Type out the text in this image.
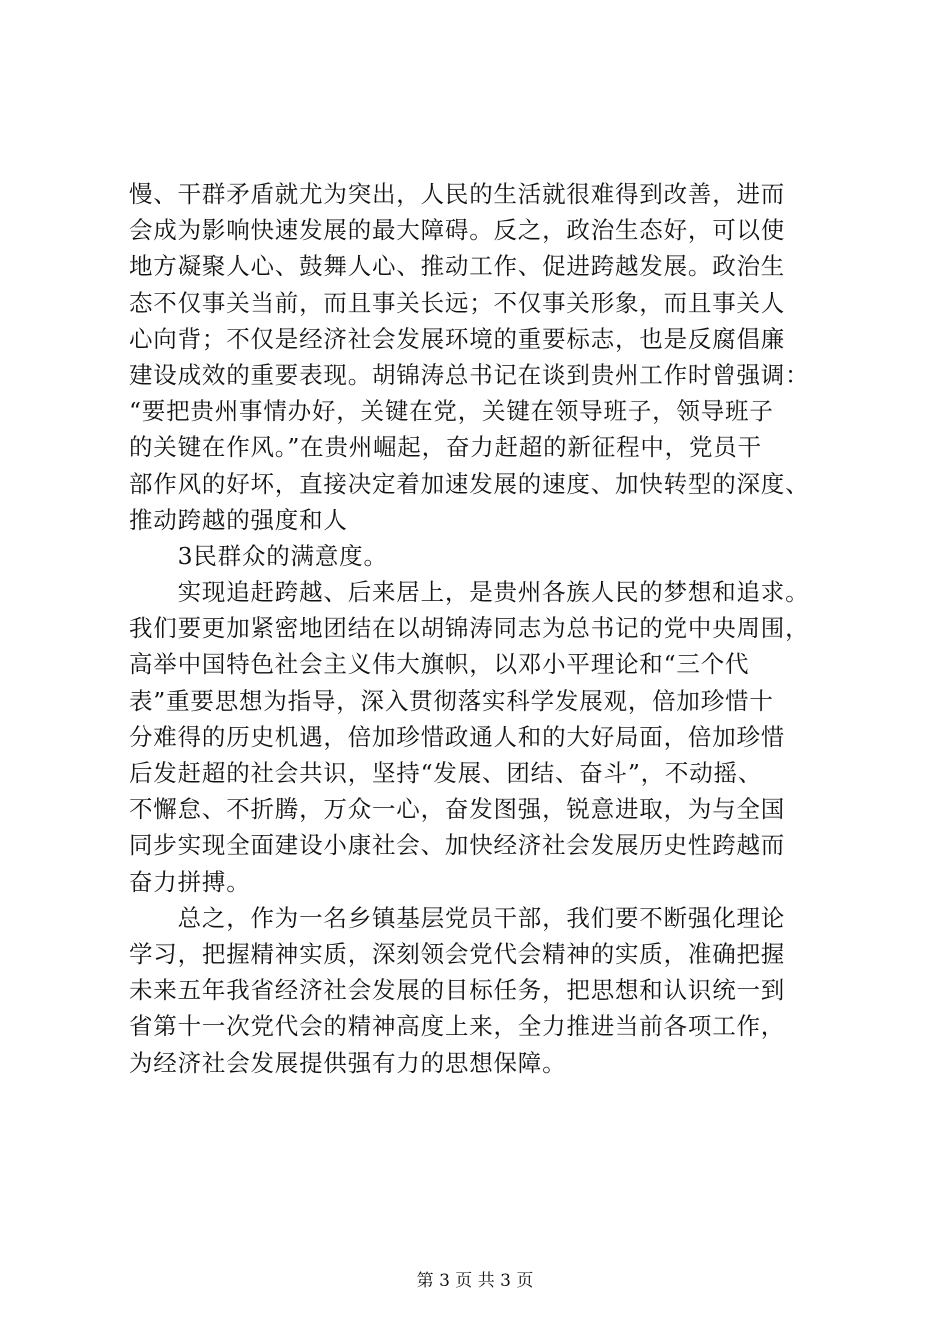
慢、干群矛盾就尤为突出，人民的生活就很难得到改善，进而
会成为影响快速发展的最大障碍。反之，政治生态好，可以使
地方凝聚人心、鼓舞人心、推动工作、促进跨越发展。政治生
态不仅事关当前，而且事关长远；不仅事关形象，而且事关人
心向背；不仅是经济社会发展环境的重要标志，也是反腐倡廉
建设成效的重要表现。胡锦涛总书记在谈到贵州工作时曾强调：
“要把贵州事情办好，关键在党，关键在领导班子，领导班子
的关键在作风。”在贵州崛起，奋力赶超的新征程中，党员干
部作风的好坏，直接决定着加速发展的速度、加快转型的深度、
推动跨越的强度和人
　　3民群众的满意度。
　　实现追赶跨越、后来居上，是贵州各族人民的梦想和追求。
我们要更加紧密地团结在以胡锦涛同志为总书记的党中央周围，
高举中国特色社会主义伟大旗帜，以邓小平理论和“三个代
表”重要思想为指导，深入贯彻落实科学发展观，倍加珍惜十
分难得的历史机遇，倍加珍惜政通人和的大好局面，倍加珍惜
后发赶超的社会共识，坚持“发展、团结、奋斗”，不动摇、
不懈怠、不折腾，万众一心，奋发图强，锐意进取，为与全国
同步实现全面建设小康社会、加快经济社会发展历史性跨越而
奋力拼搏。
　　总之，作为一名乡镇基层党员干部，我们要不断强化理论
学习，把握精神实质，深刻领会党代会精神的实质，准确把握
未来五年我省经济社会发展的目标任务，把思想和认识统一到
省第十一次党代会的精神高度上来，全力推进当前各项工作，
为经济社会发展提供强有力的思想保障。
第 3 页 共 3 页
